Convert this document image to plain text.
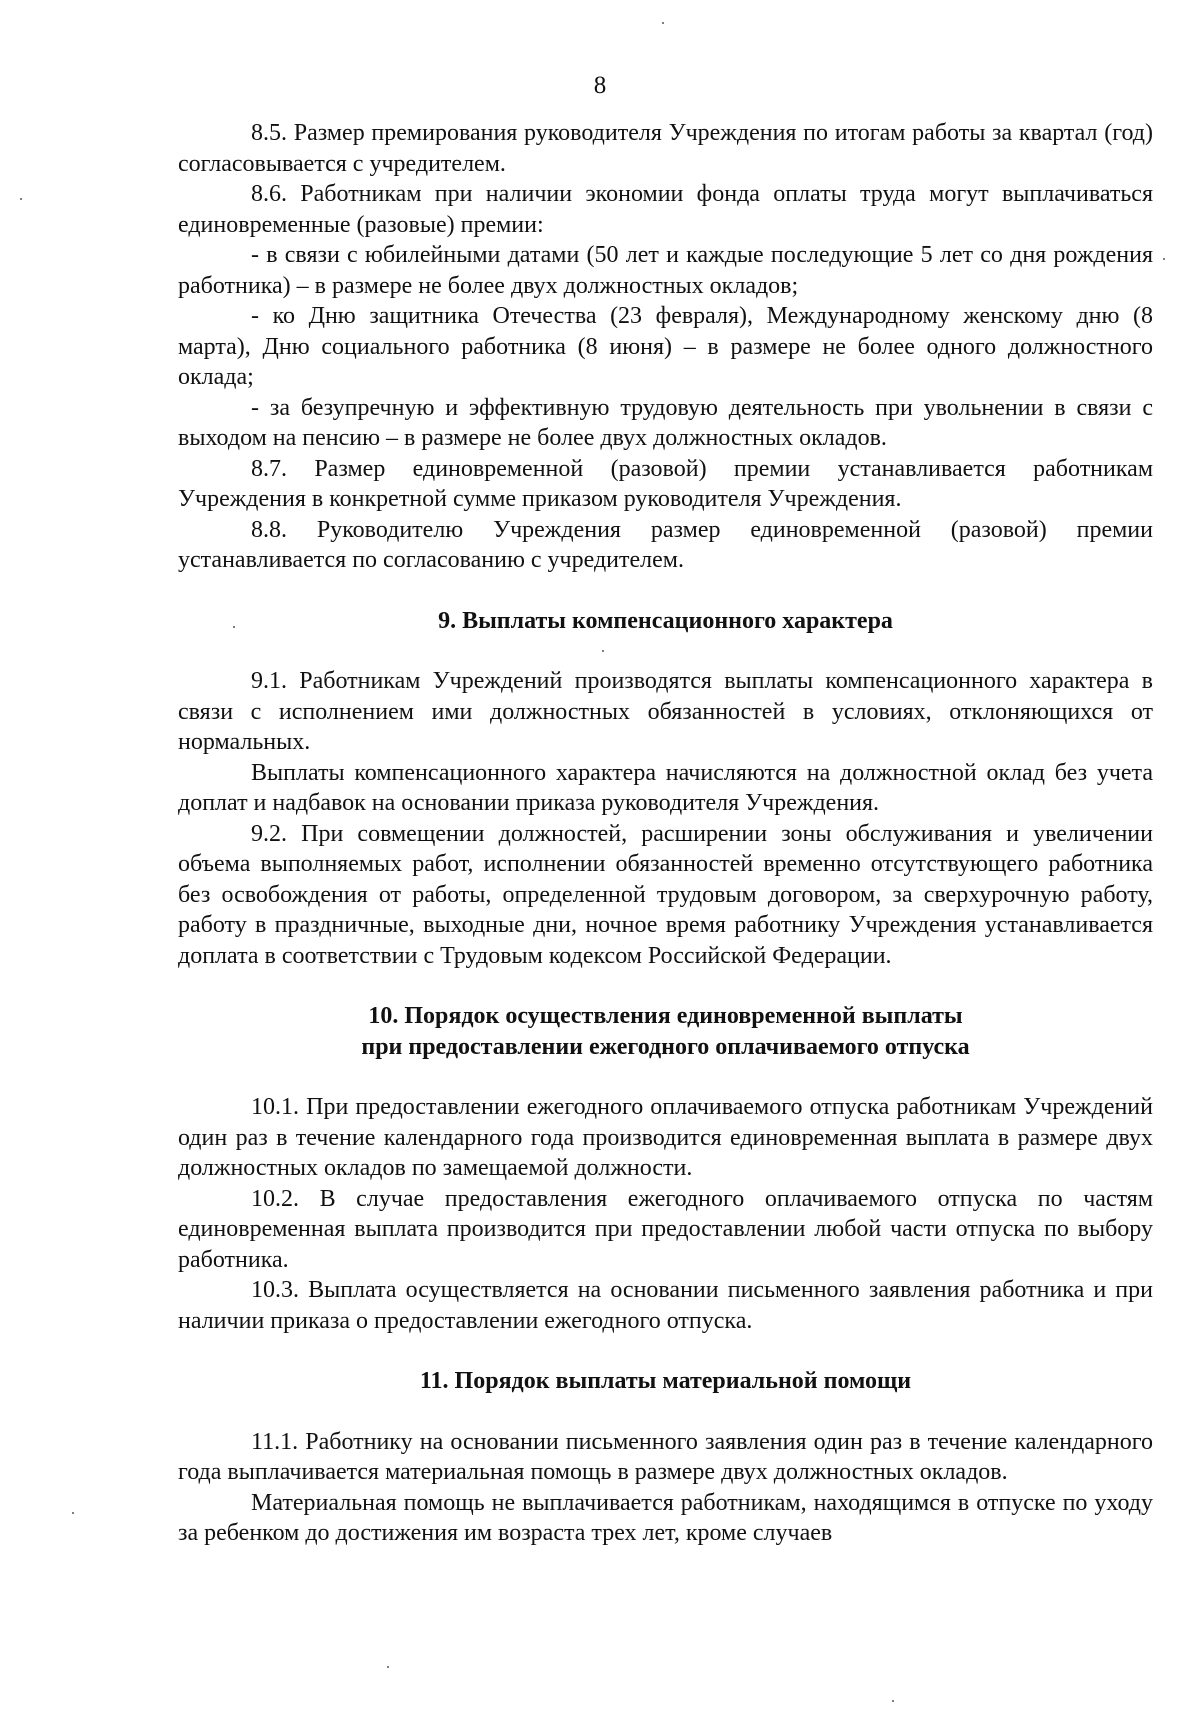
8

8.5. Размер премирования руководителя Учреждения по итогам работы за квартал (год) согласовывается с учредителем.

8.6. Работникам при наличии экономии фонда оплаты труда могут выплачиваться единовременные (разовые) премии:

- в связи с юбилейными датами (50 лет и каждые последующие 5 лет со дня рождения работника) – в размере не более двух должностных окладов;

- ко Дню защитника Отечества (23 февраля), Международному женскому дню (8 марта), Дню социального работника (8 июня) – в размере не более одного должностного оклада;

- за безупречную и эффективную трудовую деятельность при увольнении в связи с выходом на пенсию – в размере не более двух должностных окладов.

8.7. Размер единовременной (разовой) премии устанавливается работникам Учреждения в конкретной сумме приказом руководителя Учреждения.

8.8. Руководителю Учреждения размер единовременной (разовой) премии устанавливается по согласованию с учредителем.

9. Выплаты компенсационного характера

9.1. Работникам Учреждений производятся выплаты компенсационного характера в связи с исполнением ими должностных обязанностей в условиях, отклоняющихся от нормальных.

Выплаты компенсационного характера начисляются на должностной оклад без учета доплат и надбавок на основании приказа руководителя Учреждения.

9.2. При совмещении должностей, расширении зоны обслуживания и увеличении объема выполняемых работ, исполнении обязанностей временно отсутствующего работника без освобождения от работы, определенной трудовым договором, за сверхурочную работу, работу в праздничные, выходные дни, ночное время работнику Учреждения устанавливается доплата в соответствии с Трудовым кодексом Российской Федерации.

10. Порядок осуществления единовременной выплаты
при предоставлении ежегодного оплачиваемого отпуска

10.1. При предоставлении ежегодного оплачиваемого отпуска работникам Учреждений один раз в течение календарного года производится единовременная выплата в размере двух должностных окладов по замещаемой должности.

10.2. В случае предоставления ежегодного оплачиваемого отпуска по частям единовременная выплата производится при предоставлении любой части отпуска по выбору работника.

10.3. Выплата осуществляется на основании письменного заявления работника и при наличии приказа о предоставлении ежегодного отпуска.

11. Порядок выплаты материальной помощи

11.1. Работнику на основании письменного заявления один раз в течение календарного года выплачивается материальная помощь в размере двух должностных окладов.

Материальная помощь не выплачивается работникам, находящимся в отпуске по уходу за ребенком до достижения им возраста трех лет, кроме случаев
